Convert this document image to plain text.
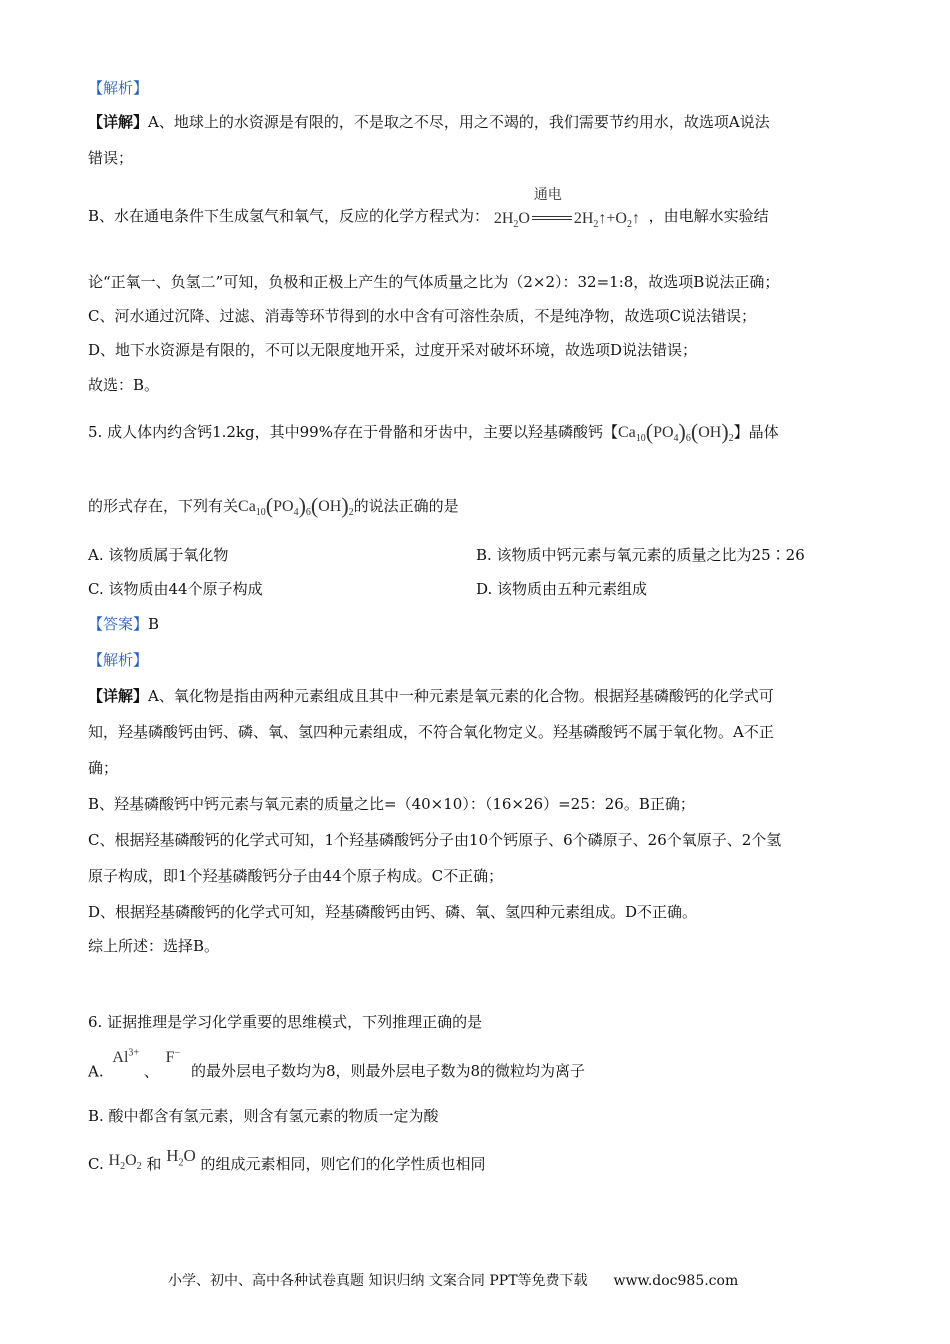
【解析】
【详解】A、地球上的水资源是有限的，不是取之不尽，用之不竭的，我们需要节约用水，故选项A说法
错误；
B、水在通电条件下生成氢气和氧气，反应的化学方程式为： $2H_2O$
通电
$2H_2↑+O_2↑$ ，由电解水实验结
论“正氧一、负氢二”可知，负极和正极上产生的气体质量之比为（2×2）：32=1:8，故选项B说法正确；
C、河水通过沉降、过滤、消毒等环节得到的水中含有可溶性杂质，不是纯净物，故选项C说法错误；
D、地下水资源是有限的，不可以无限度地开采，过度开采对破坏环境，故选项D说法错误；
故选：B。
5. 成人体内约含钙1.2kg，其中99%存在于骨骼和牙齿中，主要以羟基磷酸钙【$Ca_{10}(PO_4)_6(OH)_2$】晶体
的形式存在，下列有关$Ca_{10}(PO_4)_6(OH)_2$的说法正确的是
A. 该物质属于氧化物	B. 该物质中钙元素与氧元素的质量之比为25∶26
C. 该物质由44个原子构成	D. 该物质由五种元素组成
【答案】B
【解析】
【详解】A、氧化物是指由两种元素组成且其中一种元素是氧元素的化合物。根据羟基磷酸钙的化学式可
知，羟基磷酸钙由钙、磷、氧、氢四种元素组成，不符合氧化物定义。羟基磷酸钙不属于氧化物。A不正
确；
B、羟基磷酸钙中钙元素与氧元素的质量之比=（40×10）：（16×26）=25：26。B正确；
C、根据羟基磷酸钙的化学式可知，1个羟基磷酸钙分子由10个钙原子、6个磷原子、26个氧原子、2个氢
原子构成，即1个羟基磷酸钙分子由44个原子构成。C不正确；
D、根据羟基磷酸钙的化学式可知，羟基磷酸钙由钙、磷、氧、氢四种元素组成。D不正确。
综上所述：选择B。
6. 证据推理是学习化学重要的思维模式，下列推理正确的是
A. $Al^{3+}$ 、 F− 的最外层电子数均为8，则最外层电子数为8的微粒均为离子
B. 酸中都含有氢元素，则含有氢元素的物质一定为酸
C. $H_2O_2$ 和 $H_2O$ 的组成元素相同，则它们的化学性质也相同
小学、初中、高中各种试卷真题 知识归纳 文案合同 PPT等免费下载 www.doc985.com
